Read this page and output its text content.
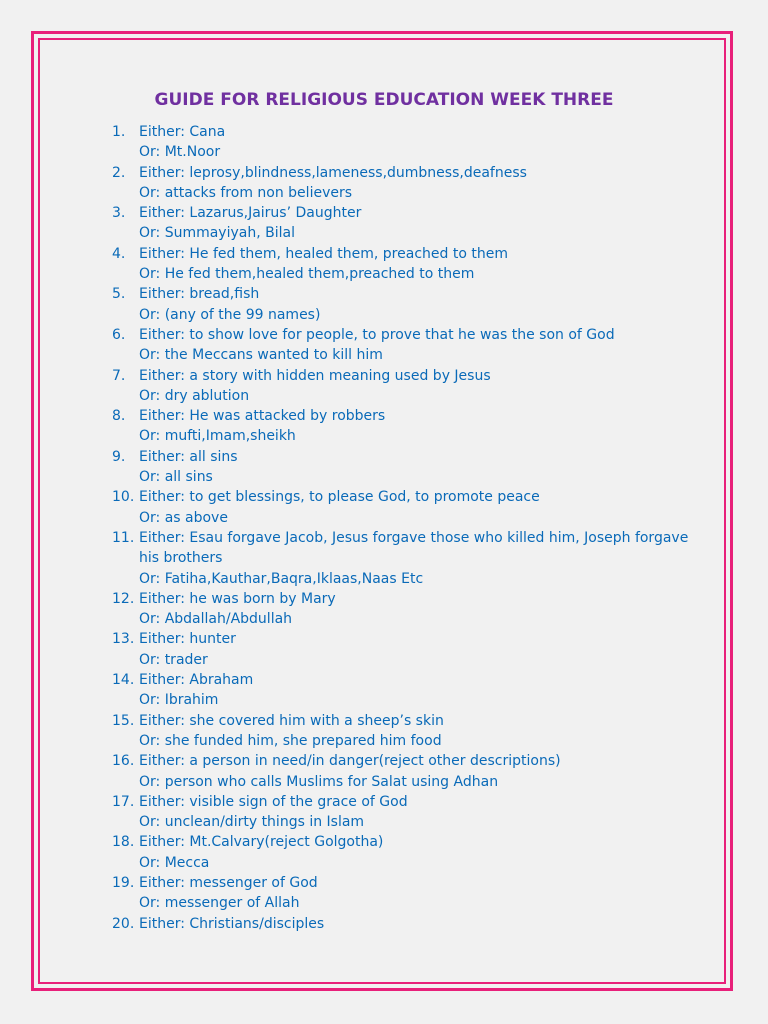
GUIDE FOR RELIGIOUS EDUCATION WEEK THREE
1. Either: Cana
Or: Mt.Noor
2. Either: leprosy,blindness,lameness,dumbness,deafness
Or: attacks from non believers
3. Either: Lazarus,Jairus’ Daughter
Or: Summayiyah, Bilal
4. Either: He fed them, healed them, preached to them
Or: He fed them,healed them,preached to them
5. Either: bread,fish
Or: (any of the 99 names)
6. Either: to show love for people, to prove that he was the son of God
Or: the Meccans wanted to kill him
7. Either: a story with hidden meaning used by Jesus
Or: dry ablution
8. Either: He was attacked by robbers
Or: mufti,Imam,sheikh
9. Either: all sins
Or: all sins
10. Either: to get blessings, to please God, to promote peace
Or: as above
11. Either: Esau forgave Jacob, Jesus forgave those who killed him, Joseph forgave his brothers
Or: Fatiha,Kauthar,Baqra,Iklaas,Naas Etc
12. Either: he was born by Mary
Or: Abdallah/Abdullah
13. Either: hunter
Or: trader
14. Either: Abraham
Or: Ibrahim
15. Either: she covered him with a sheep’s skin
Or: she funded him, she prepared him food
16. Either: a person in need/in danger(reject other descriptions)
Or: person who calls Muslims for Salat using Adhan
17. Either: visible sign of the grace of God
Or: unclean/dirty things in Islam
18. Either: Mt.Calvary(reject Golgotha)
Or: Mecca
19. Either: messenger of God
Or: messenger of Allah
20. Either: Christians/disciples
